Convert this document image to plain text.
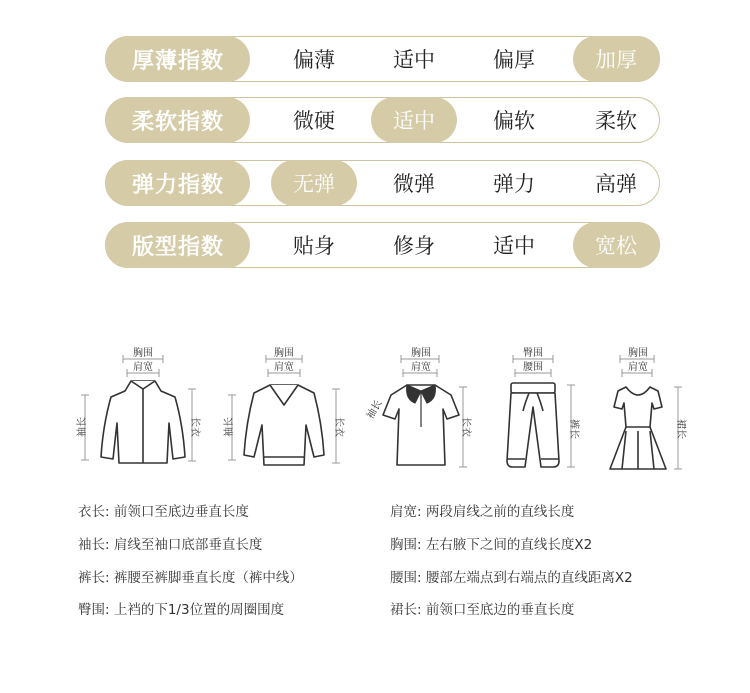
厚薄指数	偏薄	适中	偏厚	加厚
柔软指数	微硬	适中	偏软	柔软
弹力指数	无弹	微弹	弹力	高弹
版型指数	贴身	修身	适中	宽松
胸围
肩宽
袖长	长衣
胸围
肩宽
袖长	长衣
胸围
肩宽
袖长
长衣
臀围
腰围
裤长
胸围
肩宽
裙长
衣长: 前领口至底边垂直长度
袖长: 肩线至袖口底部垂直长度
裤长: 裤腰至裤脚垂直长度（裤中线）
臀围: 上裆的下1/3位置的周圈围度
肩宽: 两段肩线之前的直线长度
胸围: 左右腋下之间的直线长度X2
腰围: 腰部左端点到右端点的直线距离X2
裙长: 前领口至底边的垂直长度
